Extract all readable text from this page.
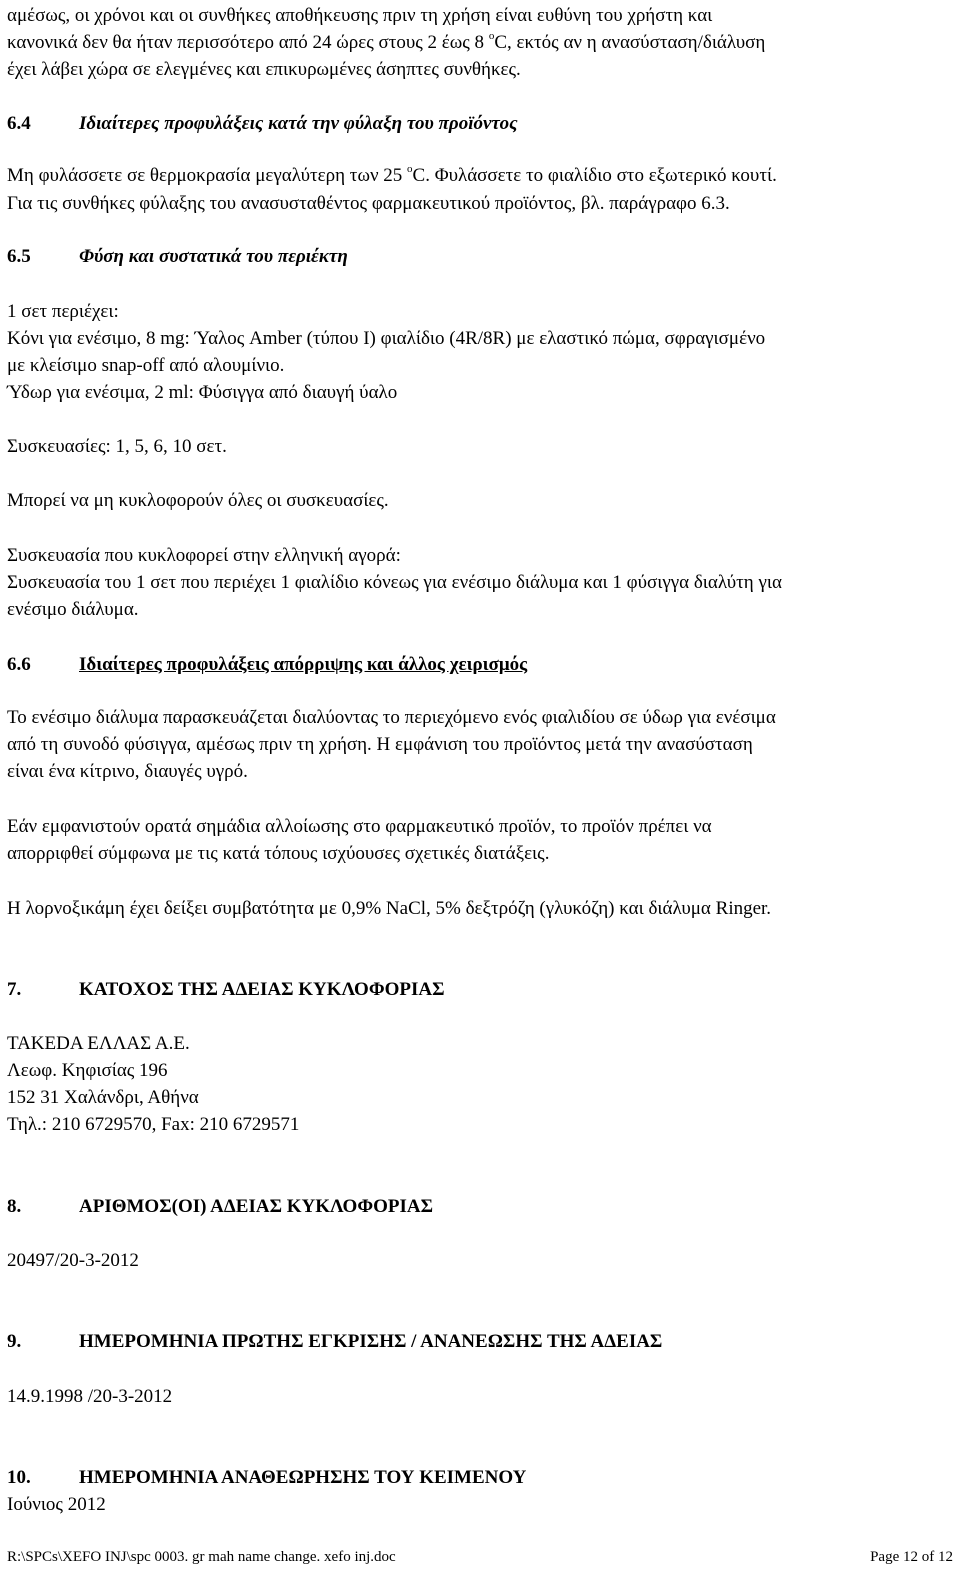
αμέσως, οι χρόνοι και οι συνθήκες αποθήκευσης πριν τη χρήση είναι ευθύνη του χρήστη και
κανονικά δεν θα ήταν περισσότερο από 24 ώρες στους 2 έως 8 $^o$C, εκτός αν η ανασύσταση/διάλυση
έχει λάβει χώρα σε ελεγμένες και επικυρωμένες άσηπτες συνθήκες.
6.4	Ιδιαίτερες προφυλάξεις κατά την φύλαξη του προϊόντος
Μη φυλάσσετε σε θερμοκρασία μεγαλύτερη των 25 $^o$C. Φυλάσσετε το φιαλίδιο στο εξωτερικό κουτί.
Για τις συνθήκες φύλαξης του ανασυσταθέντος φαρμακευτικού προϊόντος, βλ. παράγραφο 6.3.
6.5	Φύση και συστατικά του περιέκτη
1 σετ περιέχει:
Κόνι για ενέσιμο, 8 mg: Ύαλος Amber (τύπου I) φιαλίδιο (4R/8R) με ελαστικό πώμα, σφραγισμένο
με κλείσιμο snap-off από αλουμίνιο.
Ύδωρ για ενέσιμα, 2 ml: Φύσιγγα από διαυγή ύαλο
Συσκευασίες: 1, 5, 6, 10 σετ.
Μπορεί να μη κυκλοφορούν όλες οι συσκευασίες.
Συσκευασία που κυκλοφορεί στην ελληνική αγορά:
Συσκευασία του 1 σετ που περιέχει 1 φιαλίδιο κόνεως για ενέσιμο διάλυμα και 1 φύσιγγα διαλύτη για
ενέσιμο διάλυμα.
6.6	Ιδιαίτερες προφυλάξεις απόρριψης και άλλος χειρισμός
Το ενέσιμο διάλυμα παρασκευάζεται διαλύοντας το περιεχόμενο ενός φιαλιδίου σε ύδωρ για ενέσιμα
από τη συνοδό φύσιγγα, αμέσως πριν τη χρήση. Η εμφάνιση του προϊόντος μετά την ανασύσταση
είναι ένα κίτρινο, διαυγές υγρό.
Εάν εμφανιστούν ορατά σημάδια αλλοίωσης στο φαρμακευτικό προϊόν, το προϊόν πρέπει να
απορριφθεί σύμφωνα με τις κατά τόπους ισχύουσες σχετικές διατάξεις.
Η λορνοξικάμη έχει δείξει συμβατότητα με 0,9% NaCl, 5% δεξτρόζη (γλυκόζη) και διάλυμα Ringer.
7.	ΚΑΤΟΧΟΣ ΤΗΣ ΑΔΕΙΑΣ ΚΥΚΛΟΦΟΡΙΑΣ
TAKEDA ΕΛΛΑΣ Α.Ε.
Λεωφ. Κηφισίας 196
152 31 Χαλάνδρι, Αθήνα
Τηλ.: 210 6729570, Fax: 210 6729571
8.	ΑΡΙΘΜΟΣ(ΟΙ) ΑΔΕΙΑΣ ΚΥΚΛΟΦΟΡΙΑΣ
20497/20-3-2012
9.	ΗΜΕΡΟΜΗΝΙΑ ΠΡΩΤΗΣ ΕΓΚΡΙΣΗΣ / ΑΝΑΝΕΩΣΗΣ ΤΗΣ ΑΔΕΙΑΣ
14.9.1998 /20-3-2012
10.	ΗΜΕΡΟΜΗΝΙΑ ΑΝΑΘΕΩΡΗΣΗΣ ΤΟΥ ΚΕΙΜΕΝΟΥ
Ιούνιος 2012
R:\SPCs\XEFO INJ\spc 0003. gr mah name change. xefo inj.doc	Page 12 of 12
